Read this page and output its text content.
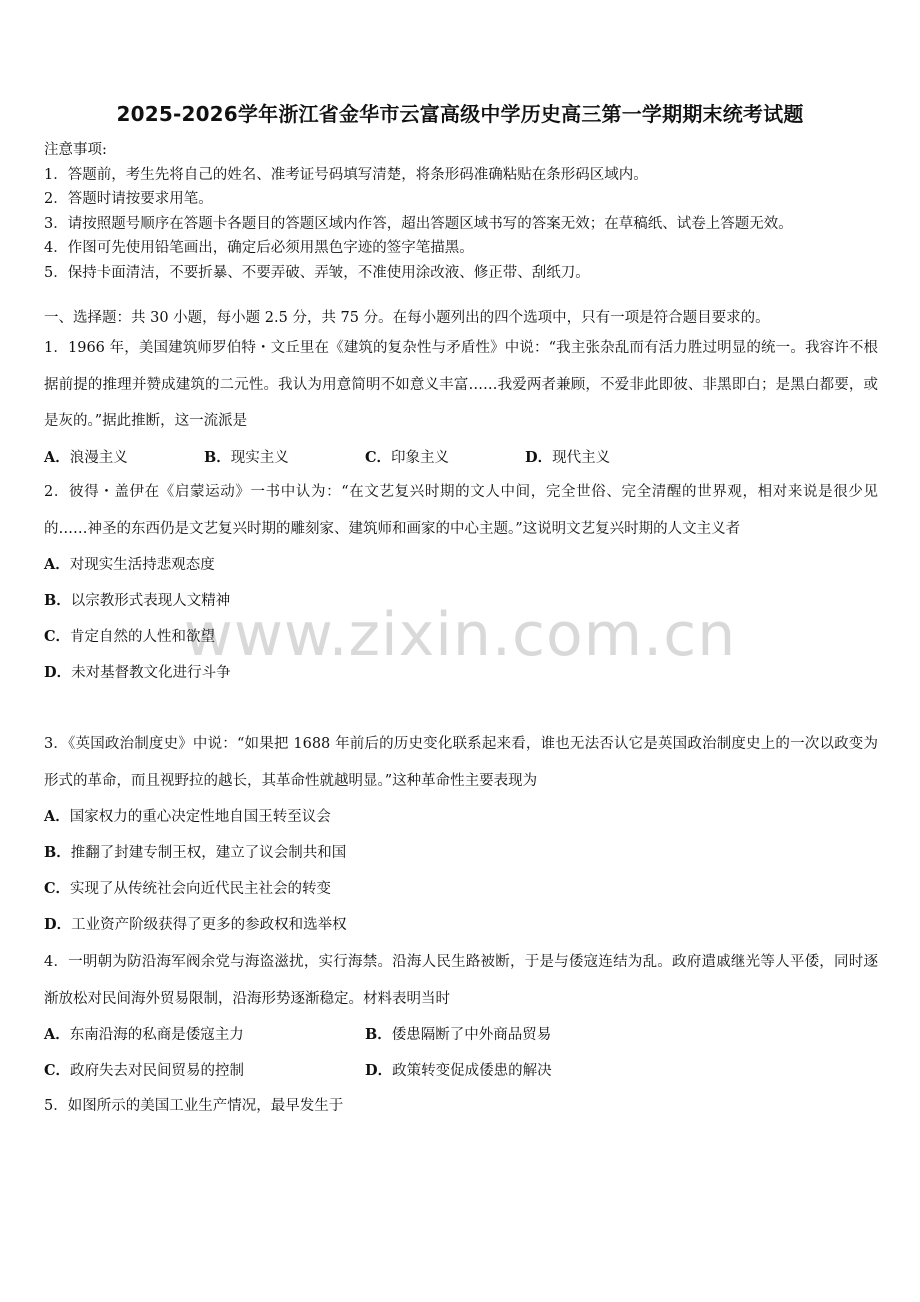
www.zixin.com.cn
2025-2026学年浙江省金华市云富高级中学历史高三第一学期期末统考试题
注意事项:
1．答题前，考生先将自己的姓名、准考证号码填写清楚，将条形码准确粘贴在条形码区域内。
2．答题时请按要求用笔。
3．请按照题号顺序在答题卡各题目的答题区域内作答，超出答题区域书写的答案无效；在草稿纸、试卷上答题无效。
4．作图可先使用铅笔画出，确定后必须用黑色字迹的签字笔描黑。
5．保持卡面清洁，不要折暴、不要弄破、弄皱，不准使用涂改液、修正带、刮纸刀。
一、选择题：共 30 小题，每小题 2.5 分，共 75 分。在每小题列出的四个选项中，只有一项是符合题目要求的。
1．1966 年，美国建筑师罗伯特・文丘里在《建筑的复杂性与矛盾性》中说：“我主张杂乱而有活力胜过明显的统一。我容许不根据前提的推理并赞成建筑的二元性。我认为用意简明不如意义丰富……我爱两者兼顾，不爱非此即彼、非黑即白；是黑白都要，或是灰的。”据此推断，这一流派是
A．浪漫主义	B．现实主义	C．印象主义	D．现代主义
2．彼得・盖伊在《启蒙运动》一书中认为：“在文艺复兴时期的文人中间，完全世俗、完全清醒的世界观，相对来说是很少见的……神圣的东西仍是文艺复兴时期的雕刻家、建筑师和画家的中心主题。”这说明文艺复兴时期的人文主义者
A．对现实生活持悲观态度
B．以宗教形式表现人文精神
C．肯定自然的人性和欲望
D．未对基督教文化进行斗争
3．《英国政治制度史》中说：“如果把 1688 年前后的历史变化联系起来看，谁也无法否认它是英国政治制度史上的一次以政变为形式的革命，而且视野拉的越长，其革命性就越明显。”这种革命性主要表现为
A．国家权力的重心决定性地自国王转至议会
B．推翻了封建专制王权，建立了议会制共和国
C．实现了从传统社会向近代民主社会的转变
D．工业资产阶级获得了更多的参政权和选举权
4．一明朝为防沿海军阀余党与海盗滋扰，实行海禁。沿海人民生路被断，于是与倭寇连结为乱。政府遣戚继光等人平倭，同时逐渐放松对民间海外贸易限制，沿海形势逐渐稳定。材料表明当时
A．东南沿海的私商是倭寇主力	B．倭患隔断了中外商品贸易
C．政府失去对民间贸易的控制	D．政策转变促成倭患的解决
5．如图所示的美国工业生产情况，最早发生于
